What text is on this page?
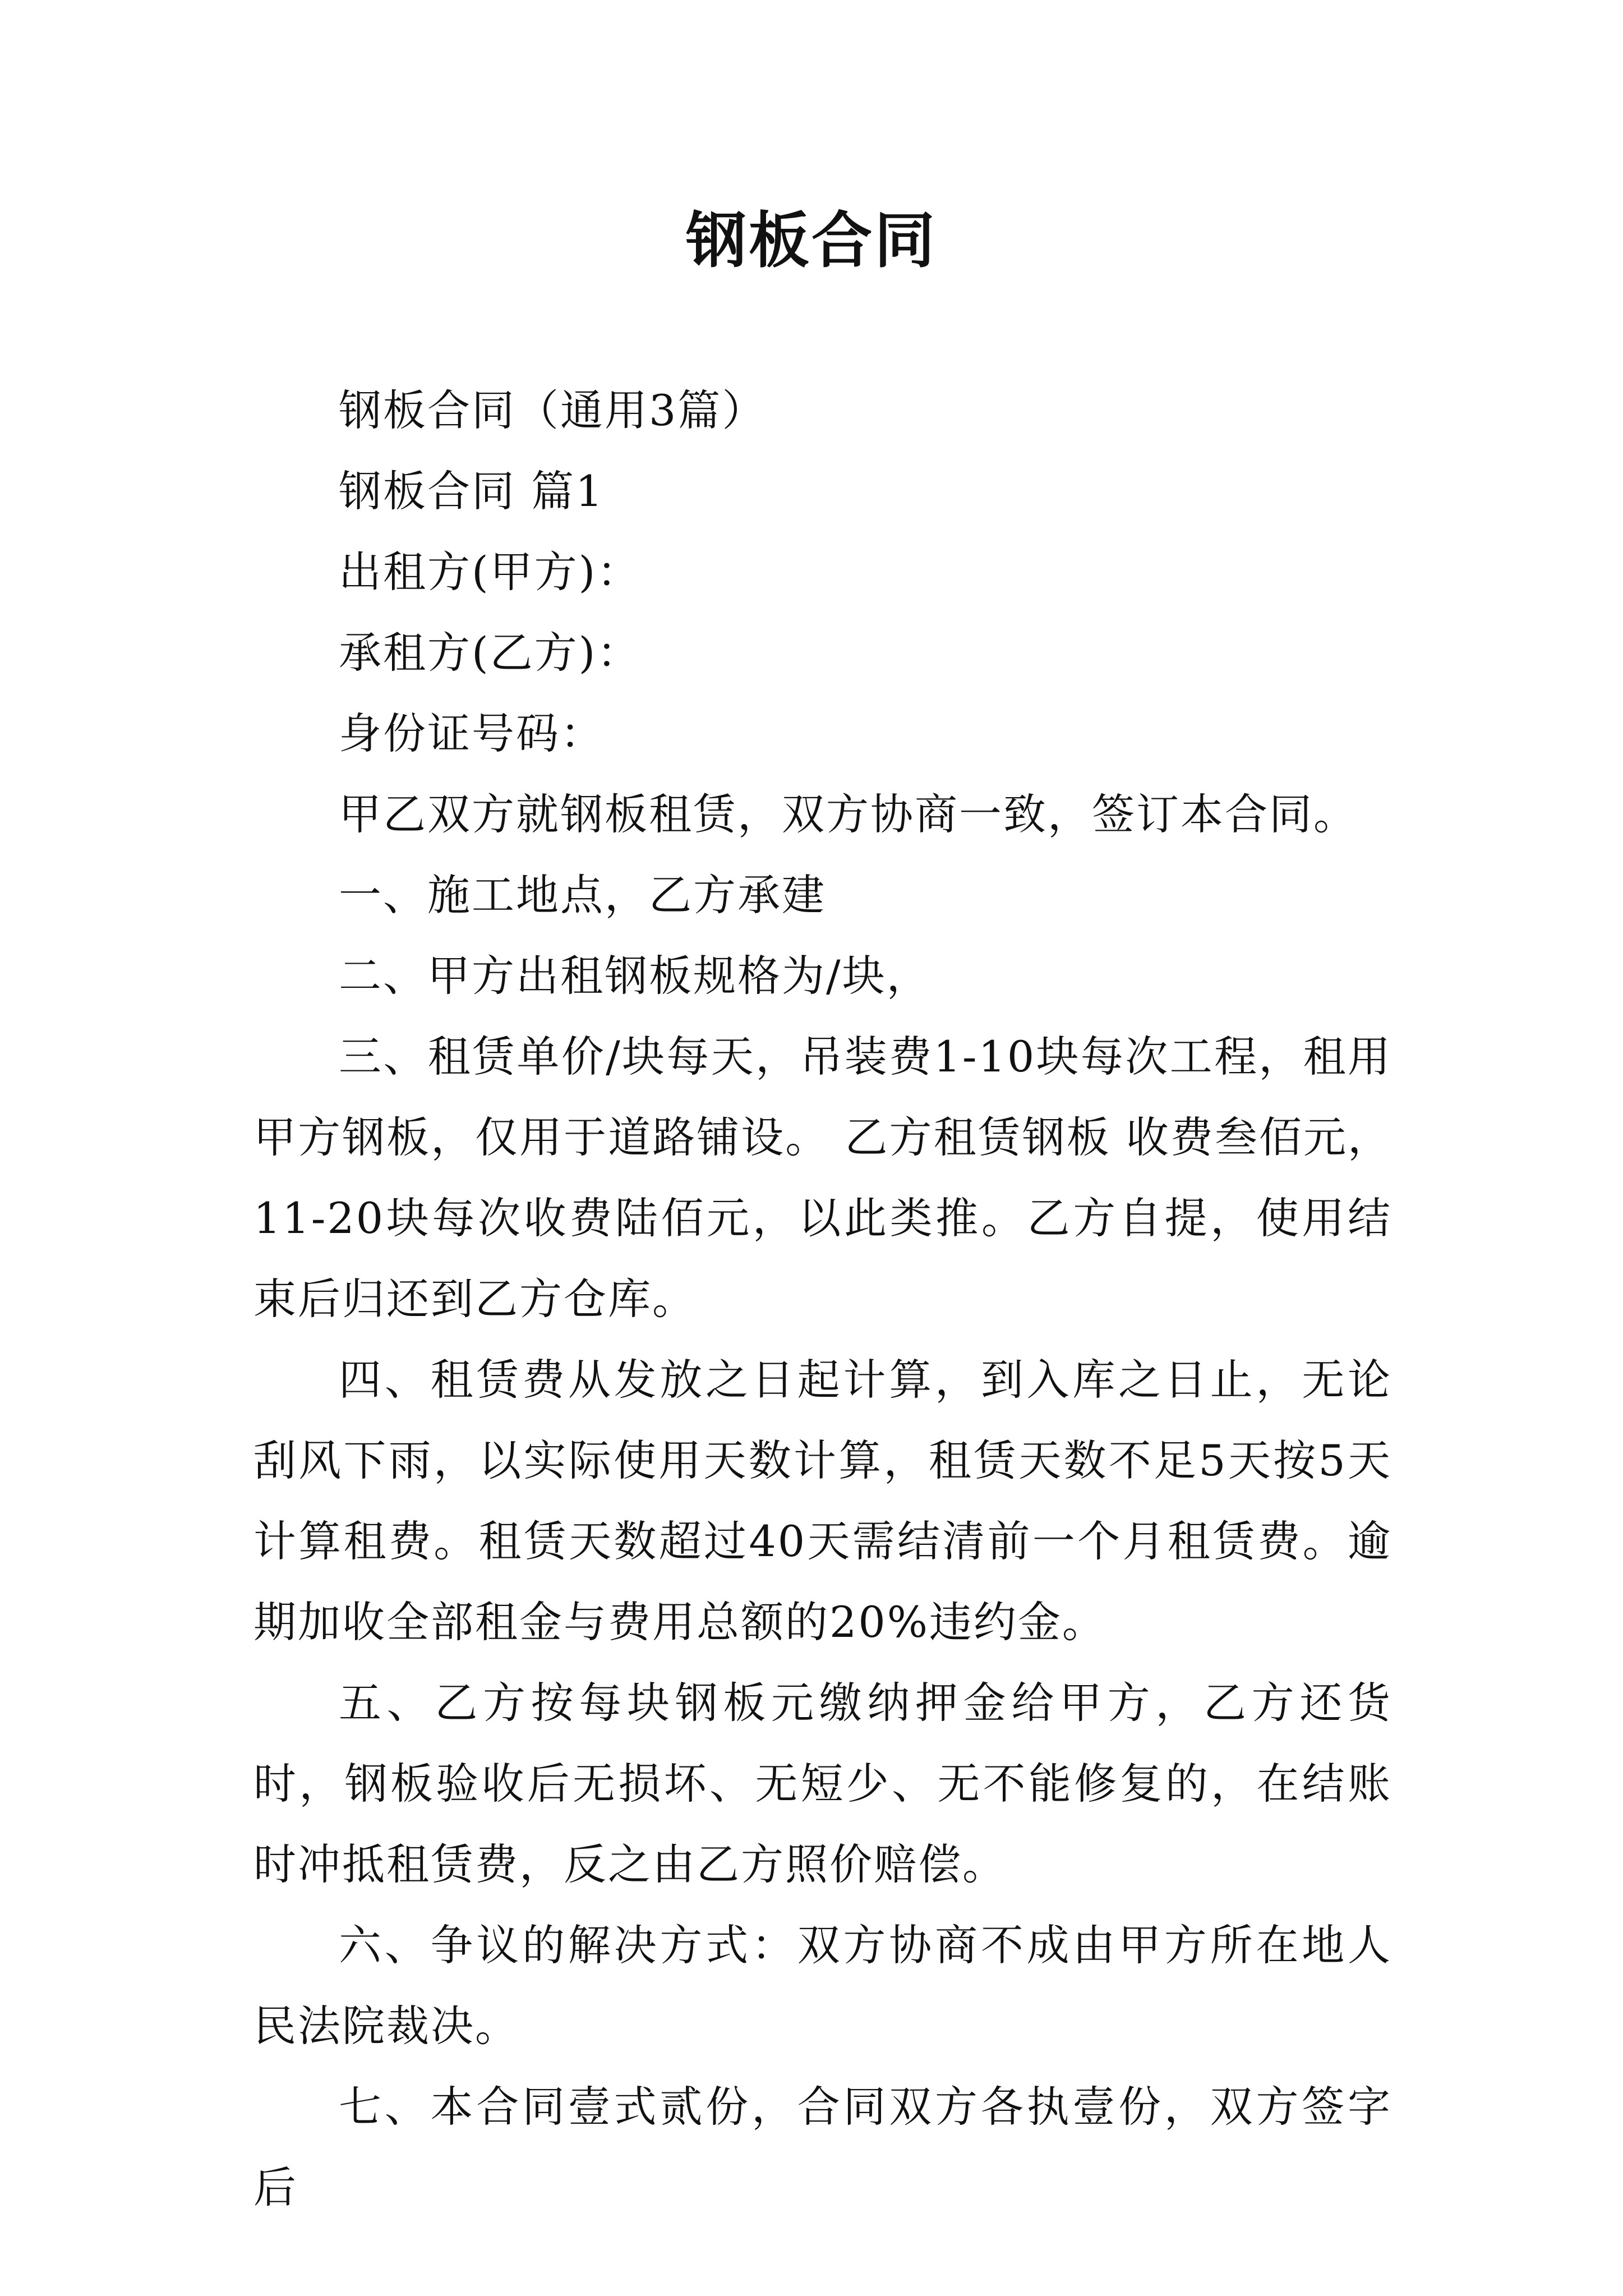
钢板合同

钢板合同（通用3篇）

钢板合同 篇1

出租方(甲方)：

承租方(乙方)：

身份证号码：

甲乙双方就钢板租赁，双方协商一致，签订本合同。

一、施工地点，乙方承建

二、甲方出租钢板规格为/块，

三、租赁单价/块每天，吊装费1-10块每次工程，租用甲方钢板，仅用于道路铺设。 乙方租赁钢板 收费叁佰元，11-20块每次收费陆佰元，以此类推。乙方自提，使用结束后归还到乙方仓库。

四、租赁费从发放之日起计算，到入库之日止，无论刮风下雨，以实际使用天数计算，租赁天数不足5天按5天计算租费。租赁天数超过40天需结清前一个月租赁费。逾期加收全部租金与费用总额的20%违约金。

五、乙方按每块钢板元缴纳押金给甲方，乙方还货时，钢板验收后无损坏、无短少、无不能修复的，在结账时冲抵租赁费，反之由乙方照价赔偿。

六、争议的解决方式：双方协商不成由甲方所在地人民法院裁决。

七、本合同壹式贰份，合同双方各执壹份，双方签字后
